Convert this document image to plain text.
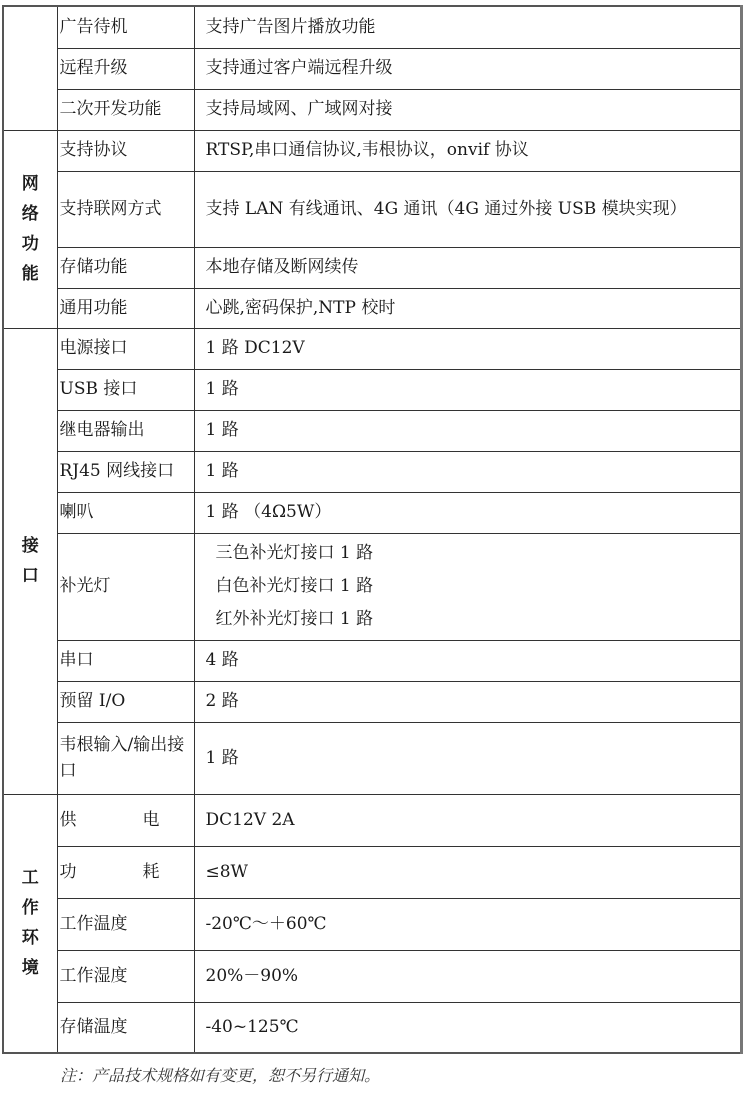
	广告待机	支持广告图片播放功能
	远程升级	支持通过客户端远程升级
	二次开发功能	支持局域网、广域网对接

网
络
功
能	支持协议	RTSP,串口通信协议,韦根协议，onvif 协议
	支持联网方式	支持 LAN 有线通讯、4G 通讯（4G 通过外接 USB 模块实现）
	存储功能	本地存储及断网续传
	通用功能	心跳,密码保护,NTP 校时

接
口	电源接口	1 路 DC12V
	USB 接口	1 路
	继电器输出	1 路
	RJ45 网线接口	1 路
	喇叭	1 路 （4Ω5W）
	补光灯	三色补光灯接口 1 路
白色补光灯接口 1 路
红外补光灯接口 1 路

	串口	4 路
	预留 I/O	2 路
	韦根输入/输出接口	1 路

工
作
环
境	供 电	DC12V 2A

	功 耗	≤8W
	工作温度	-20℃～＋60℃
	工作湿度	20%－90%
	存储温度	-40~125℃
注：产品技术规格如有变更，恕不另行通知。
